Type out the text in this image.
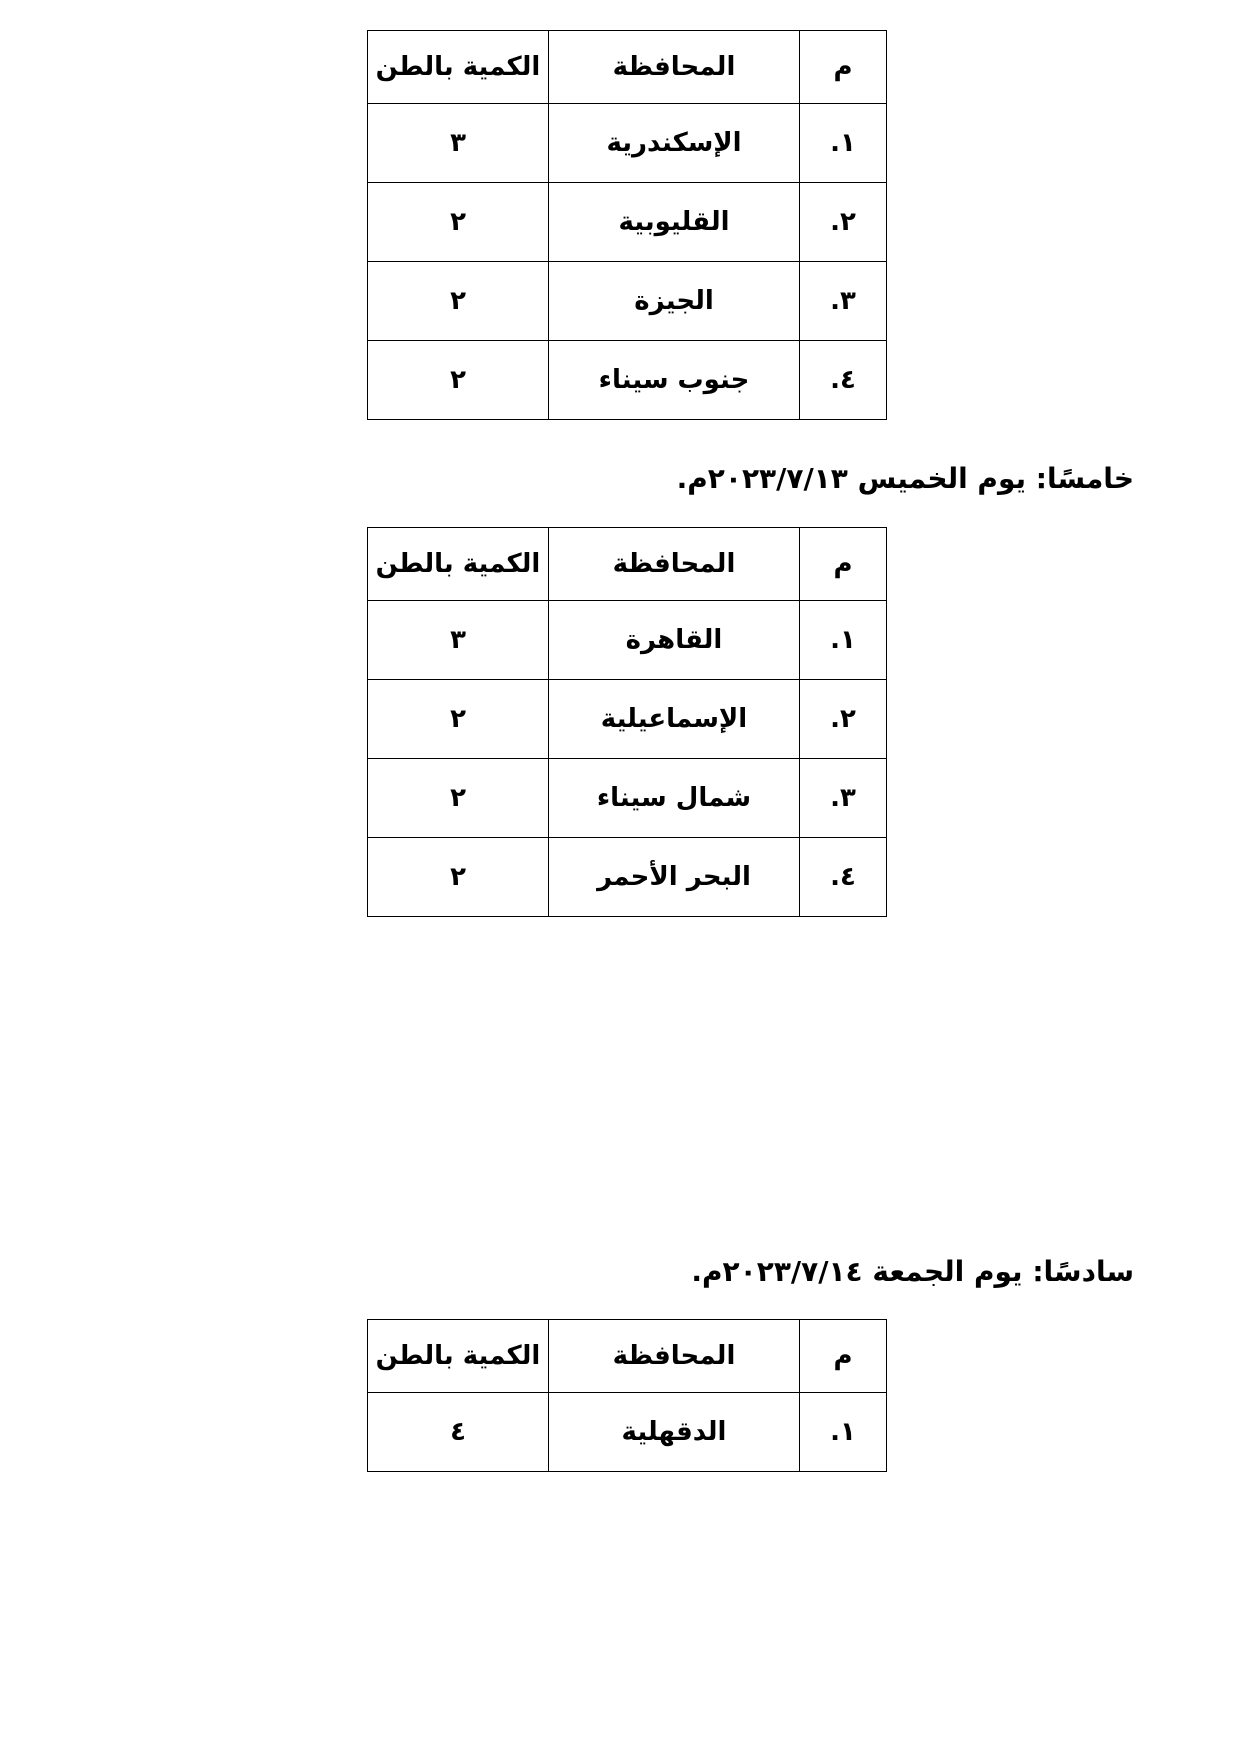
م	المحافظة	الكمية بالطن
١.	الإسكندرية	٣
٢.	القليوبية	٢
٣.	الجيزة	٢
٤.	جنوب سيناء	٢
خامسًا: يوم الخميس ٢٠٢٣/٧/١٣م.
م	المحافظة	الكمية بالطن
١.	القاهرة	٣
٢.	الإسماعيلية	٢
٣.	شمال سيناء	٢
٤.	البحر الأحمر	٢
سادسًا: يوم الجمعة ٢٠٢٣/٧/١٤م.
م	المحافظة	الكمية بالطن
١.	الدقهلية	٤
